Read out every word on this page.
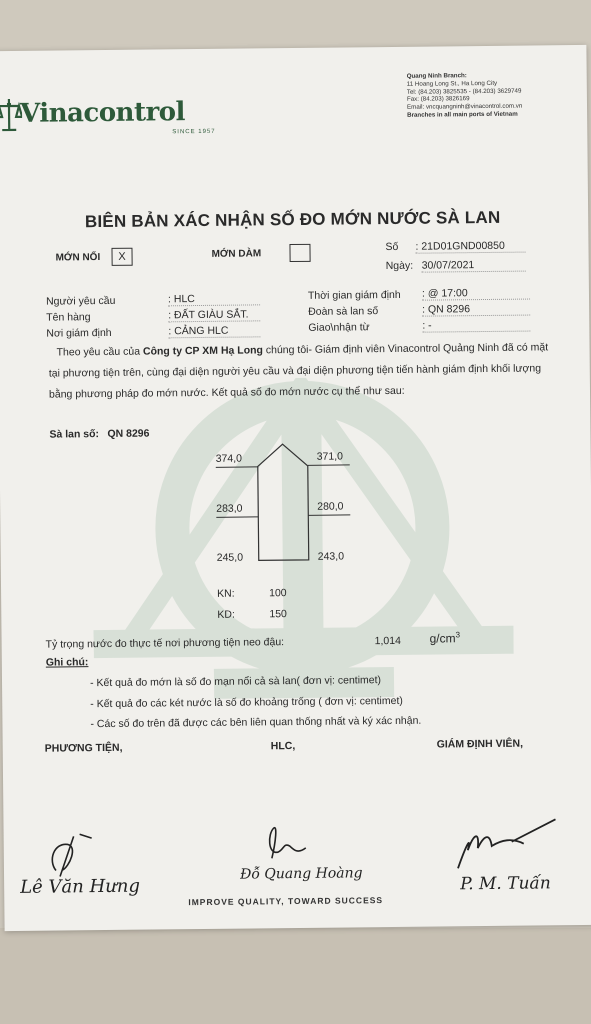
Vinacontrol
SINCE 1957
Quang Ninh Branch:
11 Hoang Long St., Ha Long City
Tel: (84.203) 3825535 - (84.203) 3629749
Fax: (84.203) 3826169
Email: vncquangninh@vinacontrol.com.vn
Branches in all main ports of Vietnam
BIÊN BẢN XÁC NHẬN SỐ ĐO MỚN NƯỚC SÀ LAN
MỚN NỔI	X	MỚN DÀM
Số : 21D01GND00850
Ngày: 30/07/2021
Người yêu cầu	: HLC
Tên hàng	: ĐẤT GIÀU SẮT.
Nơi giám định	: CẢNG HLC
Thời gian giám định : @ 17:00
Đoàn sà lan số	: QN 8296
Giao\nhận từ	: -
Theo yêu cầu của Công ty CP XM Hạ Long chúng tôi- Giám định viên Vinacontrol Quảng Ninh đã có mặt tại phương tiện trên, cùng đại diện người yêu cầu và đại diện phương tiện tiến hành giám định khối lượng bằng phương pháp đo mớn nước. Kết quả số đo mớn nước cụ thể như sau:
Sà lan số: QN 8296
374,0	371,0
283,0	280,0
245,0	243,0
KN:	100
KD:	150
Tỷ trọng nước đo thực tế nơi phương tiện neo đậu:	1,014 $g/cm^3$
Ghi chú:
- Kết quả đo mớn là số đo mạn nổi cả sà lan( đơn vị: centimet)
- Kết quả đo các két nước là số đo khoảng trống ( đơn vị: centimet)
- Các số đo trên đã được các bên liên quan thống nhất và ký xác nhận.
PHƯƠNG TIỆN,	HLC,	GIÁM ĐỊNH VIÊN,
Lê Văn Hưng
Đỗ Quang Hoàng	P. M. Tuấn
IMPROVE QUALITY, TOWARD SUCCESS
